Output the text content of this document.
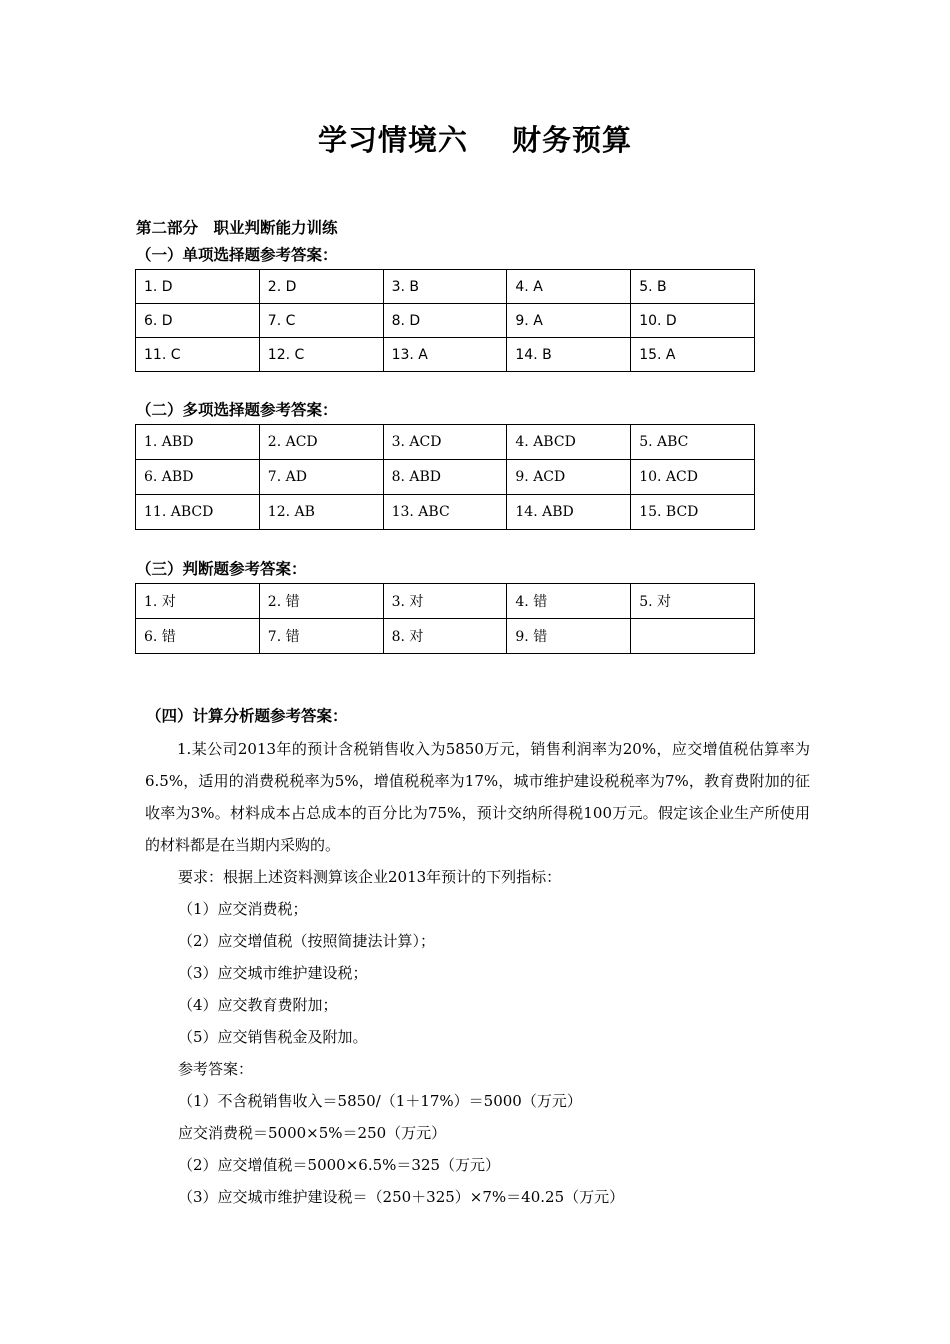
学习情境六 财务预算

第二部分　职业判断能力训练

（一）单项选择题参考答案：

1. D	2. D	3. B	4. A	5. B
6. D	7. C	8. D	9. A	10. D
11. C	12. C	13. A	14. B	15. A

（二）多项选择题参考答案：

1. ABD	2. ACD	3. ACD	4. ABCD	5. ABC
6. ABD	7. AD	8. ABD	9. ACD	10. ACD
11. ABCD	12. AB	13. ABC	14. ABD	15. BCD

（三）判断题参考答案：

1. 对	2. 错	3. 对	4. 错	5. 对
6. 错	7. 错	8. 对	9. 错	

（四）计算分析题参考答案：

1.某公司2013年的预计含税销售收入为5850万元，销售利润率为20%，应交增值税估算率为6.5%，适用的消费税税率为5%，增值税税率为17%，城市维护建设税税率为7%，教育费附加的征收率为3%。材料成本占总成本的百分比为75%，预计交纳所得税100万元。假定该企业生产所使用的材料都是在当期内采购的。

要求：根据上述资料测算该企业2013年预计的下列指标：

（1）应交消费税；

（2）应交增值税（按照简捷法计算）；

（3）应交城市维护建设税；

（4）应交教育费附加；

（5）应交销售税金及附加。

参考答案：

（1）不含税销售收入＝5850/（1＋17%）＝5000（万元）

应交消费税＝5000×5%＝250（万元）

（2）应交增值税＝5000×6.5%＝325（万元）

（3）应交城市维护建设税＝（250＋325）×7%＝40.25（万元）
